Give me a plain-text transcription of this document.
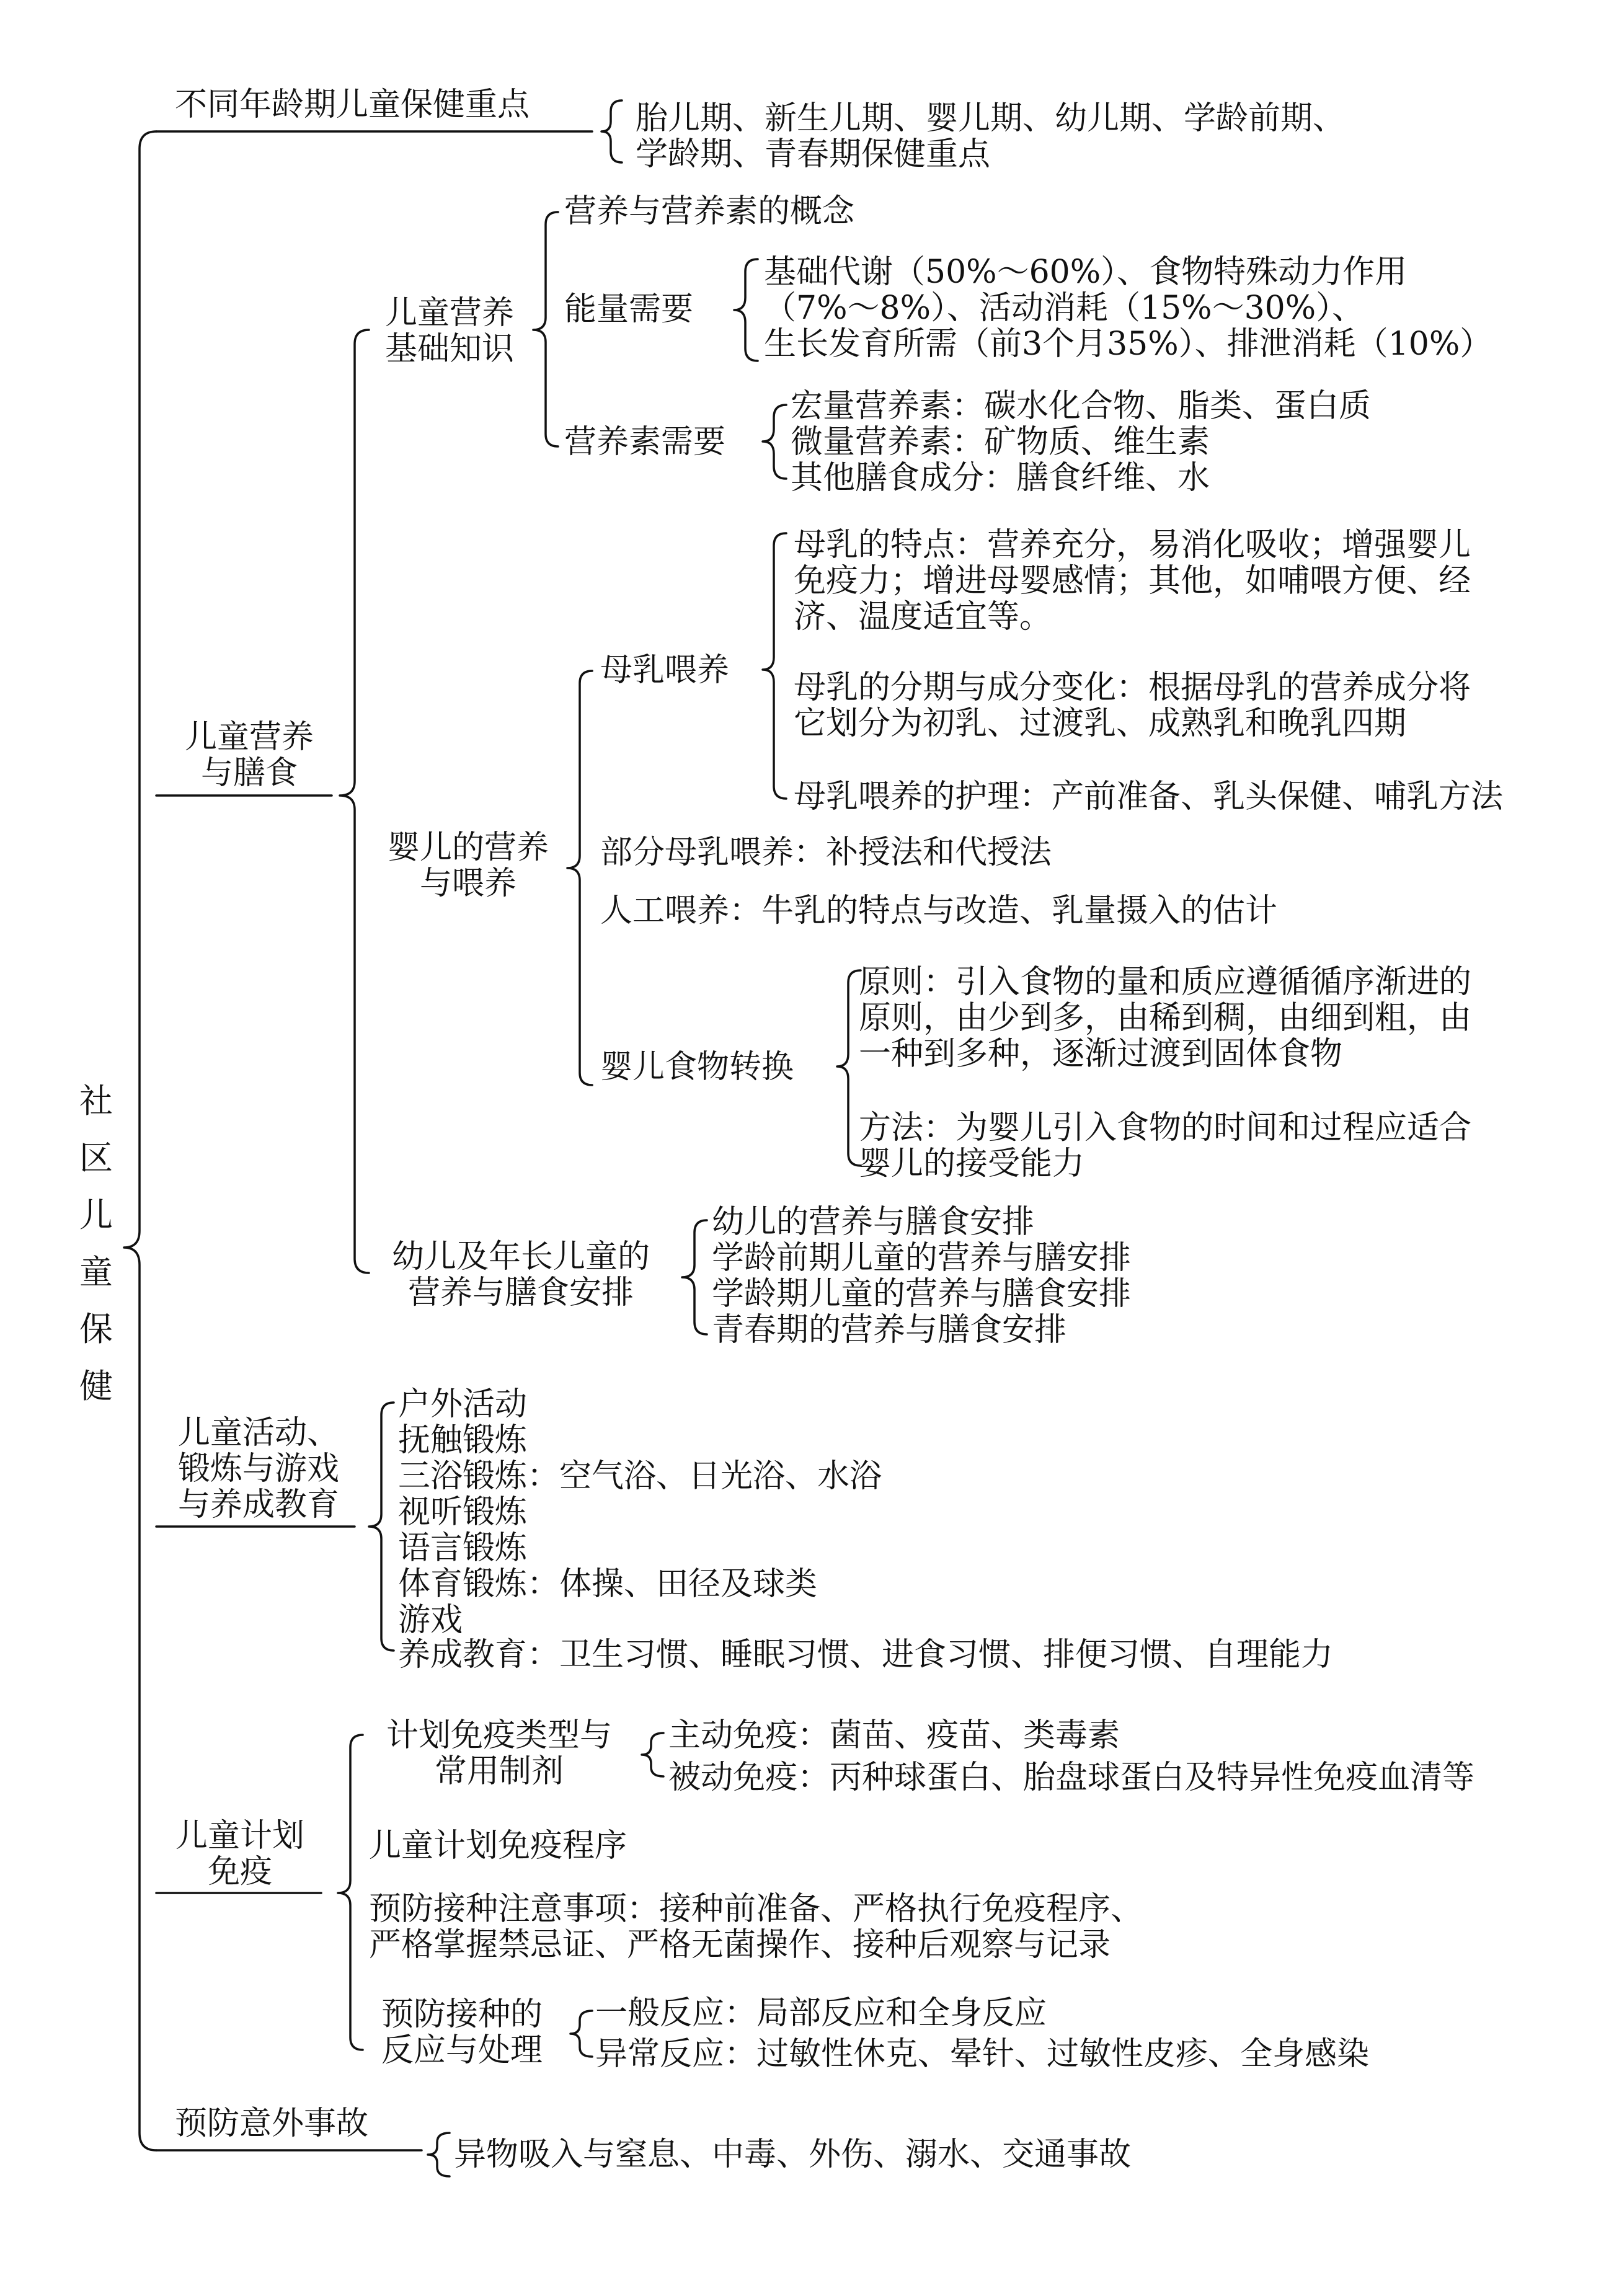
社
区
儿
童
保
健
不同年龄期儿童保健重点	胎儿期、新生儿期、婴儿期、幼儿期、学龄前期、
学龄期、青春期保健重点
儿童营养
与膳食
儿童营养
基础知识
营养与营养素的概念
能量需要
基础代谢（50%～60%）、食物特殊动力作用
（7%～8%）、活动消耗（15%～30%）、
生长发育所需（前3个月35%）、排泄消耗（10%）
营养素需要
宏量营养素：碳水化合物、脂类、蛋白质
微量营养素：矿物质、维生素
其他膳食成分：膳食纤维、水
婴儿的营养
与喂养
母乳喂养
母乳的特点：营养充分，易消化吸收；增强婴儿
免疫力；增进母婴感情；其他，如哺喂方便、经
济、温度适宜等。
母乳的分期与成分变化：根据母乳的营养成分将
它划分为初乳、过渡乳、成熟乳和晚乳四期
母乳喂养的护理：产前准备、乳头保健、哺乳方法
部分母乳喂养：补授法和代授法
人工喂养：牛乳的特点与改造、乳量摄入的估计
婴儿食物转换
原则：引入食物的量和质应遵循循序渐进的
原则，由少到多，由稀到稠，由细到粗，由
一种到多种，逐渐过渡到固体食物
方法：为婴儿引入食物的时间和过程应适合
婴儿的接受能力
幼儿及年长儿童的
营养与膳食安排
幼儿的营养与膳食安排
学龄前期儿童的营养与膳安排
学龄期儿童的营养与膳食安排
青春期的营养与膳食安排
儿童活动、
锻炼与游戏
与养成教育
户外活动
抚触锻炼
三浴锻炼：空气浴、日光浴、水浴
视听锻炼
语言锻炼
体育锻炼：体操、田径及球类
游戏
养成教育：卫生习惯、睡眠习惯、进食习惯、排便习惯、自理能力
儿童计划
免疫
计划免疫类型与
常用制剂
主动免疫：菌苗、疫苗、类毒素
被动免疫：丙种球蛋白、胎盘球蛋白及特异性免疫血清等
儿童计划免疫程序
预防接种注意事项：接种前准备、严格执行免疫程序、
严格掌握禁忌证、严格无菌操作、接种后观察与记录
预防接种的
反应与处理
一般反应：局部反应和全身反应
异常反应：过敏性休克、晕针、过敏性皮疹、全身感染
预防意外事故
异物吸入与窒息、中毒、外伤、溺水、交通事故
